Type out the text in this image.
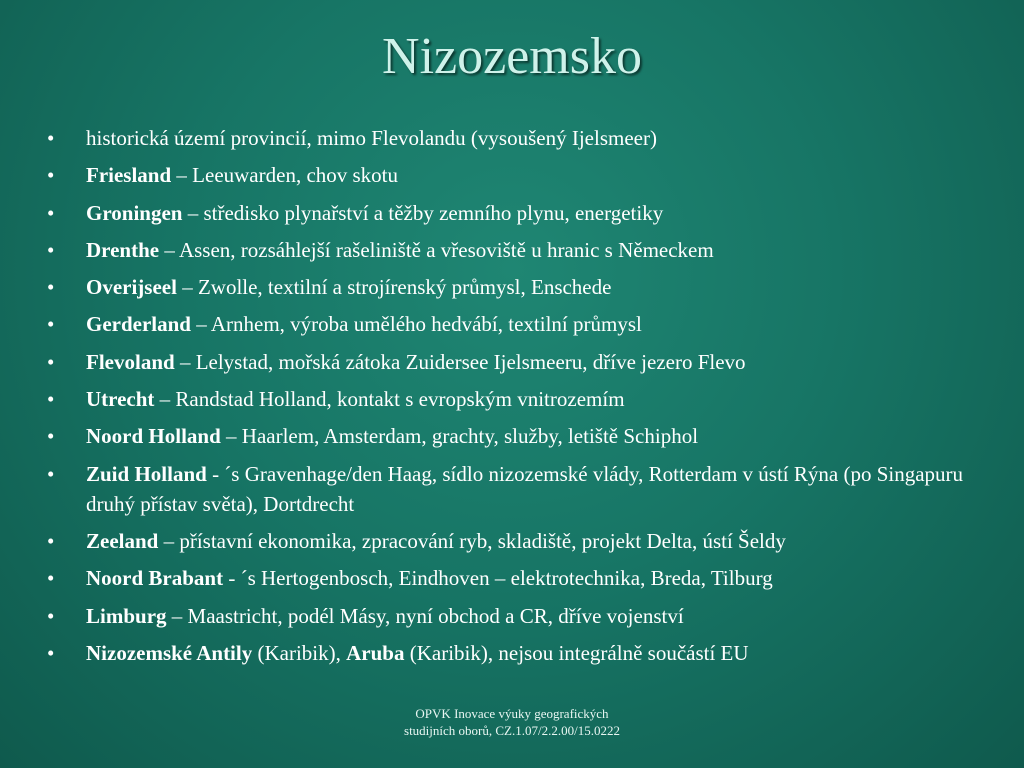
Nizozemsko
• historická území provincií, mimo Flevolandu (vysoušený Ijelsmeer)
• Friesland – Leeuwarden, chov skotu
• Groningen – středisko plynařství a těžby zemního plynu, energetiky
• Drenthe – Assen, rozsáhlejší rašeliniště a vřesoviště u hranic s Německem
• Overijseel – Zwolle, textilní a strojírenský průmysl, Enschede
• Gerderland – Arnhem, výroba umělého hedvábí, textilní průmysl
• Flevoland – Lelystad, mořská zátoka Zuidersee Ijelsmeeru, dříve jezero Flevo
• Utrecht – Randstad Holland, kontakt s evropským vnitrozemím
• Noord Holland – Haarlem, Amsterdam, grachty, služby, letiště Schiphol
• Zuid Holland - ´s Gravenhage/den Haag, sídlo nizozemské vlády, Rotterdam v ústí Rýna (po Singapuru druhý přístav světa), Dortdrecht
• Zeeland – přístavní ekonomika, zpracování ryb, skladiště, projekt Delta, ústí Šeldy
• Noord Brabant - ´s Hertogenbosch, Eindhoven – elektrotechnika, Breda, Tilburg
• Limburg – Maastricht, podél Másy, nyní obchod a CR, dříve vojenství
• Nizozemské Antily (Karibik), Aruba (Karibik), nejsou integrálně součástí EU
OPVK Inovace výuky geografických
studijních oborů, CZ.1.07/2.2.00/15.0222
